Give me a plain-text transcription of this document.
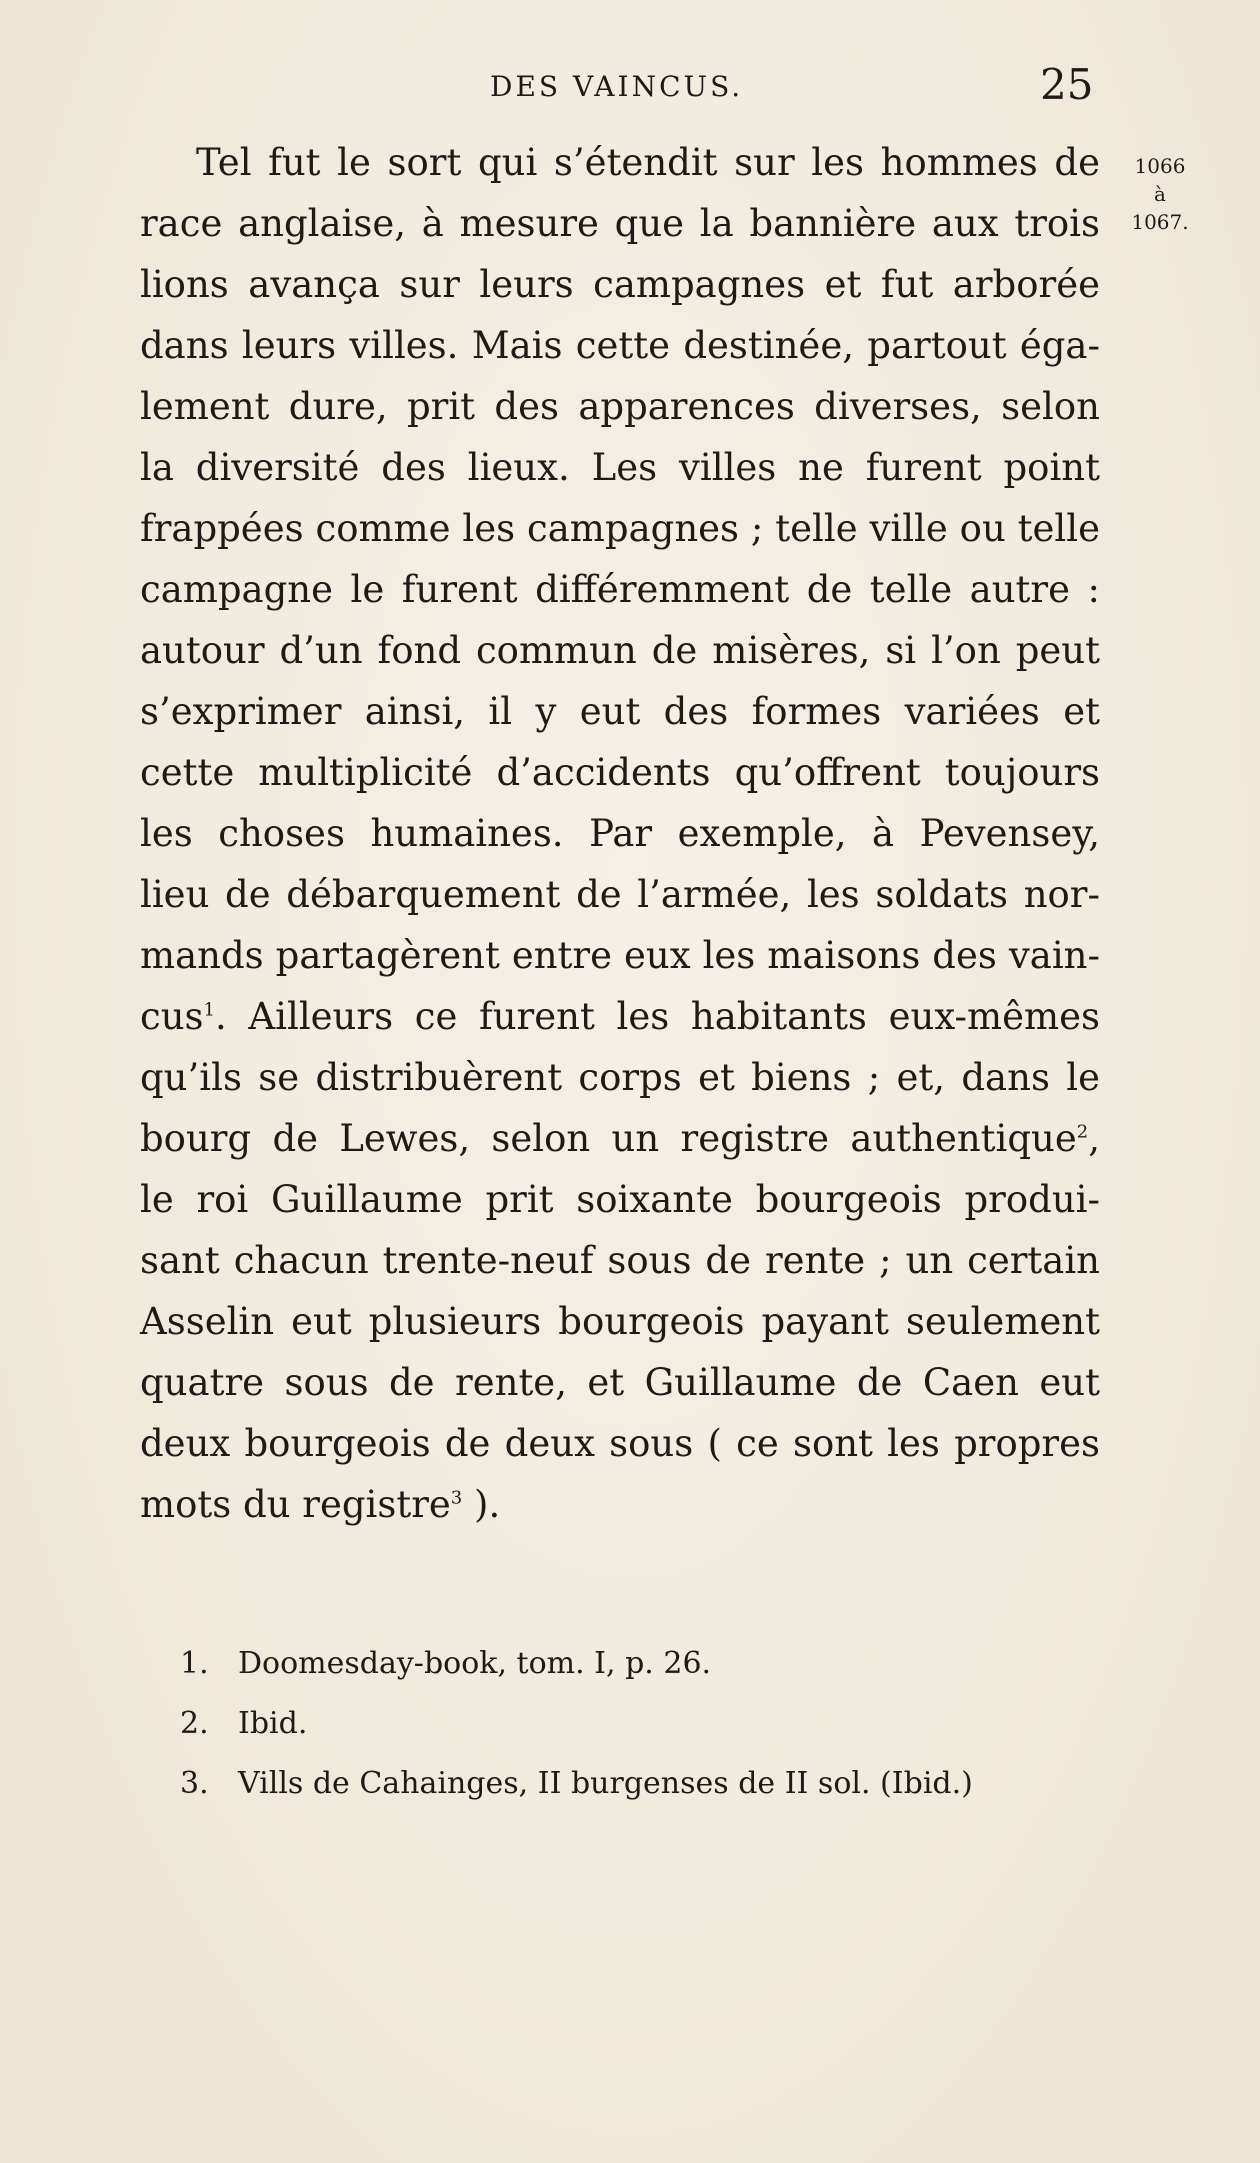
DES VAINCUS.	25
1066
à
1067.
Tel fut le sort qui s’étendit sur les hommes de
race anglaise, à mesure que la bannière aux trois
lions avança sur leurs campagnes et fut arborée
dans leurs villes. Mais cette destinée, partout éga-
lement dure, prit des apparences diverses, selon
la diversité des lieux. Les villes ne furent point
frappées comme les campagnes ; telle ville ou telle
campagne le furent différemment de telle autre :
autour d’un fond commun de misères, si l’on peut
s’exprimer ainsi, il y eut des formes variées et
cette multiplicité d’accidents qu’offrent toujours
les choses humaines. Par exemple, à Pevensey,
lieu de débarquement de l’armée, les soldats nor-
mands partagèrent entre eux les maisons des vain-
cus$^1$. Ailleurs ce furent les habitants eux-mêmes
qu’ils se distribuèrent corps et biens ; et, dans le
bourg de Lewes, selon un registre authentique$^2$,
le roi Guillaume prit soixante bourgeois produi-
sant chacun trente-neuf sous de rente ; un certain
Asselin eut plusieurs bourgeois payant seulement
quatre sous de rente, et Guillaume de Caen eut
deux bourgeois de deux sous ( ce sont les propres
mots du registre$^3$ ).
1. Doomesday-book, tom. I, p. 26.
2. Ibid.
3. Vills de Cahainges, II burgenses de II sol. (Ibid.)
